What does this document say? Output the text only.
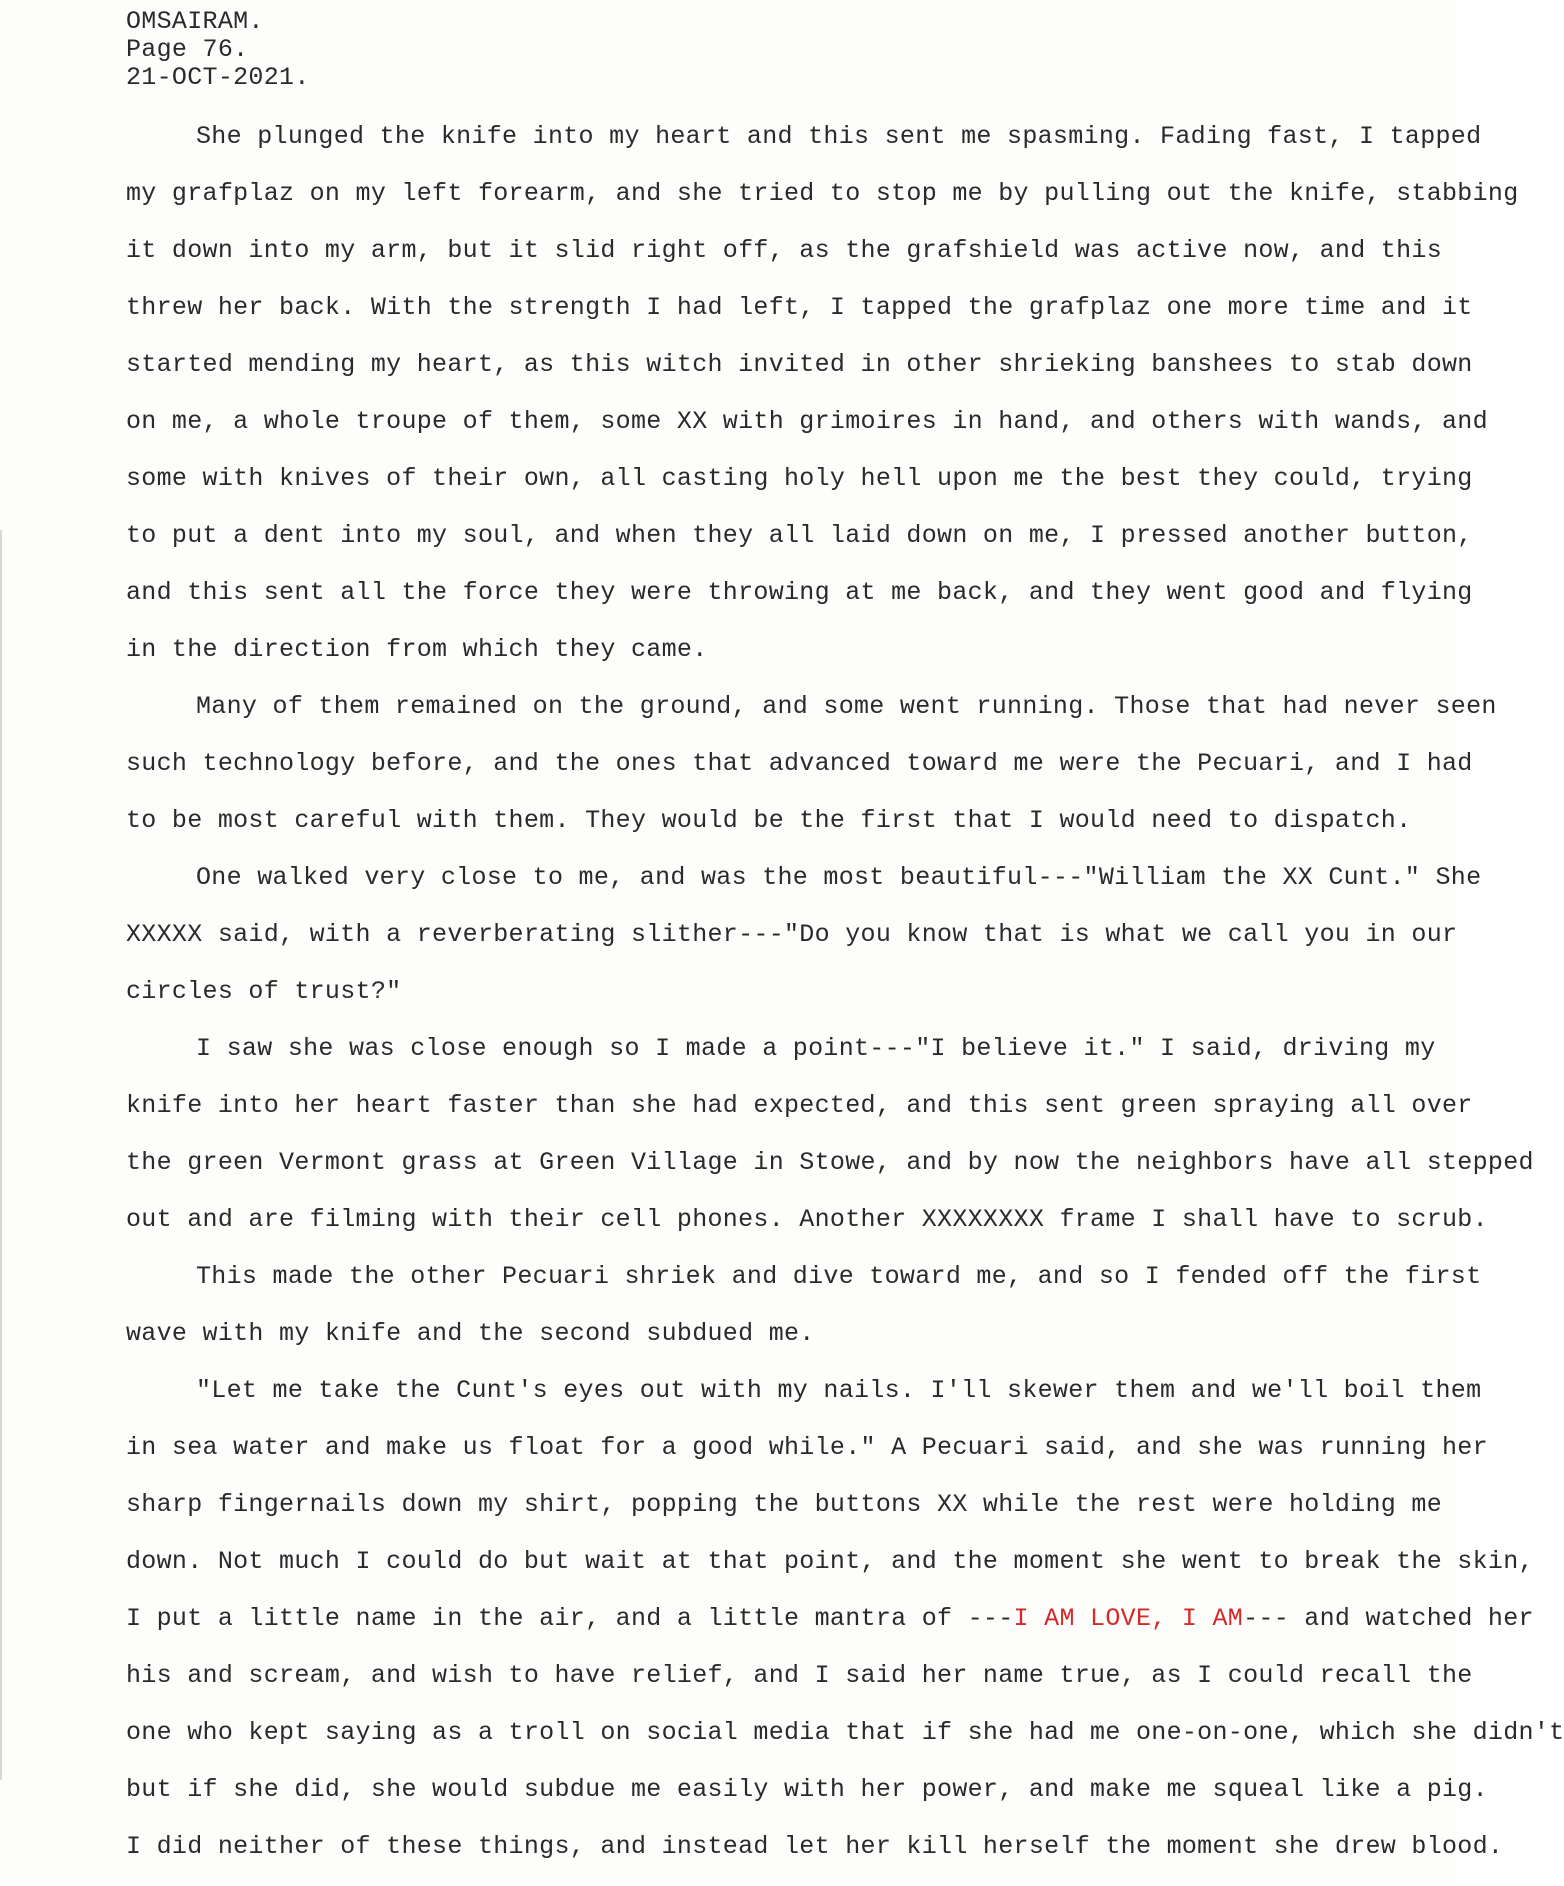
OMSAIRAM.
Page 76.
21-OCT-2021.
She plunged the knife into my heart and this sent me spasming. Fading fast, I tapped
my grafplaz on my left forearm, and she tried to stop me by pulling out the knife, stabbing
it down into my arm, but it slid right off, as the grafshield was active now, and this
threw her back. With the strength I had left, I tapped the grafplaz one more time and it
started mending my heart, as this witch invited in other shrieking banshees to stab down
on me, a whole troupe of them, some XX with grimoires in hand, and others with wands, and
some with knives of their own, all casting holy hell upon me the best they could, trying
to put a dent into my soul, and when they all laid down on me, I pressed another button,
and this sent all the force they were throwing at me back, and they went good and flying
in the direction from which they came.
Many of them remained on the ground, and some went running. Those that had never seen
such technology before, and the ones that advanced toward me were the Pecuari, and I had
to be most careful with them. They would be the first that I would need to dispatch.
One walked very close to me, and was the most beautiful---"William the XX Cunt." She
XXXXX said, with a reverberating slither---"Do you know that is what we call you in our
circles of trust?"
I saw she was close enough so I made a point---"I believe it." I said, driving my
knife into her heart faster than she had expected, and this sent green spraying all over
the green Vermont grass at Green Village in Stowe, and by now the neighbors have all stepped
out and are filming with their cell phones. Another XXXXXXXX frame I shall have to scrub.
This made the other Pecuari shriek and dive toward me, and so I fended off the first
wave with my knife and the second subdued me.
"Let me take the Cunt's eyes out with my nails. I'll skewer them and we'll boil them
in sea water and make us float for a good while." A Pecuari said, and she was running her
sharp fingernails down my shirt, popping the buttons XX while the rest were holding me
down. Not much I could do but wait at that point, and the moment she went to break the skin,
I put a little name in the air, and a little mantra of ---I AM LOVE, I AM--- and watched her
his and scream, and wish to have relief, and I said her name true, as I could recall the
one who kept saying as a troll on social media that if she had me one-on-one, which she didn't
but if she did, she would subdue me easily with her power, and make me squeal like a pig.
I did neither of these things, and instead let her kill herself the moment she drew blood.
